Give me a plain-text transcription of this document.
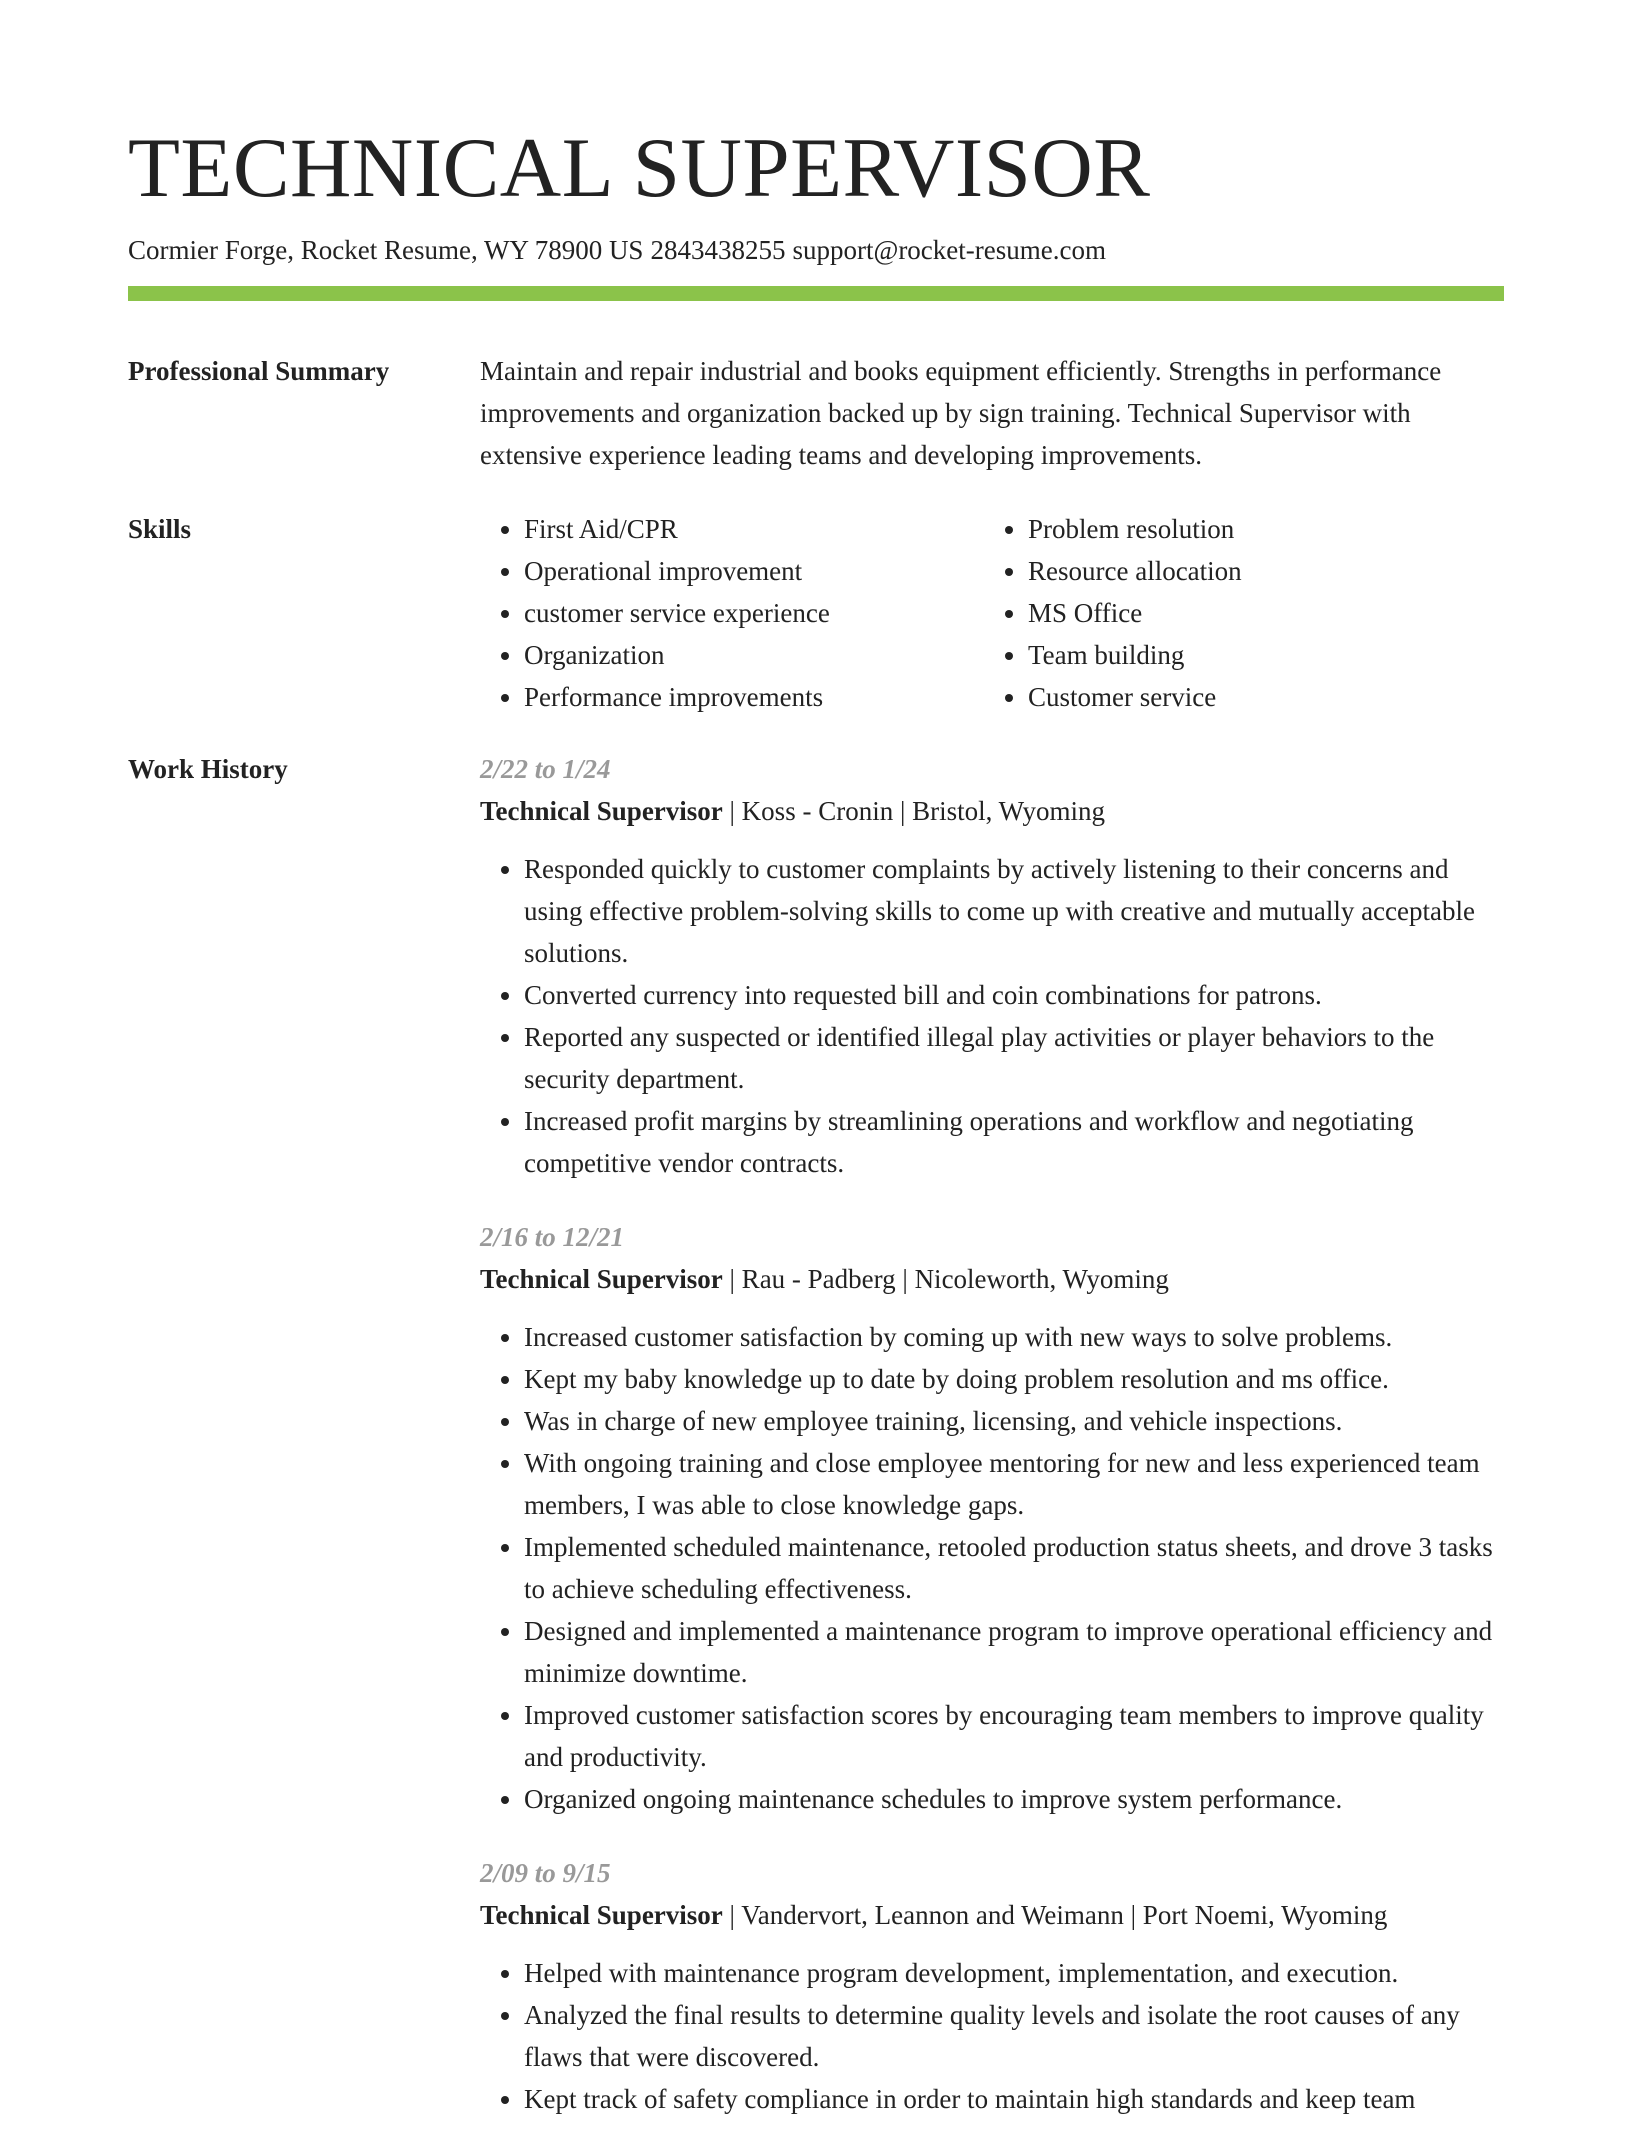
TECHNICAL SUPERVISOR
Cormier Forge, Rocket Resume, WY 78900 US 2843438255 support@rocket-resume.com
Professional Summary	Maintain and repair industrial and books equipment efficiently. Strengths in performance improvements and organization backed up by sign training. Technical Supervisor with extensive experience leading teams and developing improvements.

Skills
•	First Aid/CPR
• Operational improvement
• customer service experience
• Organization
• Performance improvements
• Problem resolution
• Resource allocation
• MS Office
• Team building
• Customer service
Work History	2/22 to 1/24
Technical Supervisor | Koss - Cronin | Bristol, Wyoming
• Responded quickly to customer complaints by actively listening to their concerns and using effective problem-solving skills to come up with creative and mutually acceptable solutions.
• Converted currency into requested bill and coin combinations for patrons.
• Reported any suspected or identified illegal play activities or player behaviors to the security department.
• Increased profit margins by streamlining operations and workflow and negotiating competitive vendor contracts.
2/16 to 12/21
Technical Supervisor | Rau - Padberg | Nicoleworth, Wyoming
• Increased customer satisfaction by coming up with new ways to solve problems.
• Kept my baby knowledge up to date by doing problem resolution and ms office.
• Was in charge of new employee training, licensing, and vehicle inspections.
• With ongoing training and close employee mentoring for new and less experienced team members, I was able to close knowledge gaps.
• Implemented scheduled maintenance, retooled production status sheets, and drove 3 tasks to achieve scheduling effectiveness.
• Designed and implemented a maintenance program to improve operational efficiency and minimize downtime.
• Improved customer satisfaction scores by encouraging team members to improve quality and productivity.
• Organized ongoing maintenance schedules to improve system performance.
2/09 to 9/15
Technical Supervisor | Vandervort, Leannon and Weimann | Port Noemi, Wyoming
• Helped with maintenance program development, implementation, and execution.
• Analyzed the final results to determine quality levels and isolate the root causes of any flaws that were discovered.
• Kept track of safety compliance in order to maintain high standards and keep team
